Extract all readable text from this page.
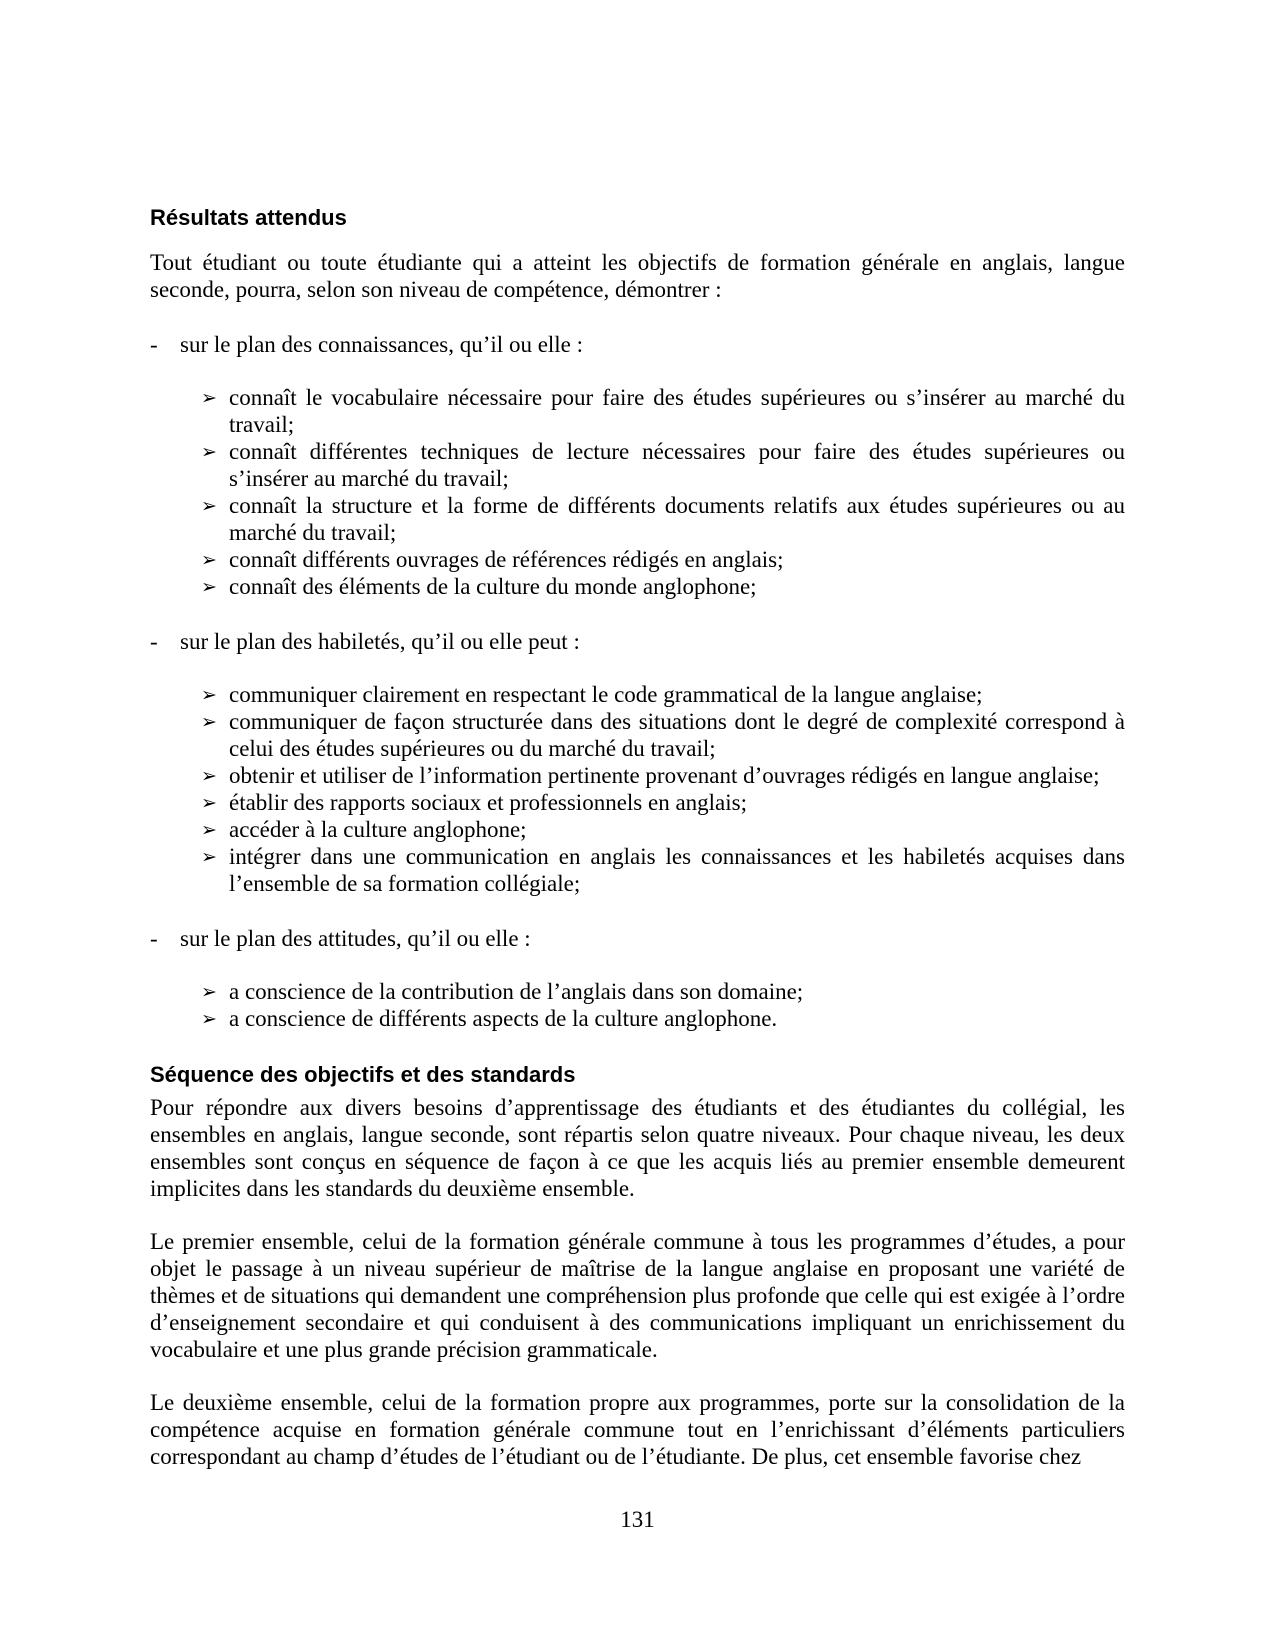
Résultats attendus

Tout étudiant ou toute étudiante qui a atteint les objectifs de formation générale en anglais, langue seconde, pourra, selon son niveau de compétence, démontrer :

- sur le plan des connaissances, qu’il ou elle :
➢ connaît le vocabulaire nécessaire pour faire des études supérieures ou s’insérer au marché du travail;
➢ connaît différentes techniques de lecture nécessaires pour faire des études supérieures ou s’insérer au marché du travail;
➢ connaît la structure et la forme de différents documents relatifs aux études supérieures ou au marché du travail;
➢ connaît différents ouvrages de références rédigés en anglais;
➢ connaît des éléments de la culture du monde anglophone;
- sur le plan des habiletés, qu’il ou elle peut :
➢ communiquer clairement en respectant le code grammatical de la langue anglaise;
➢ communiquer de façon structurée dans des situations dont le degré de complexité correspond à celui des études supérieures ou du marché du travail;
➢ obtenir et utiliser de l’information pertinente provenant d’ouvrages rédigés en langue anglaise;
➢ établir des rapports sociaux et professionnels en anglais;
➢ accéder à la culture anglophone;
➢ intégrer dans une communication en anglais les connaissances et les habiletés acquises dans l’ensemble de sa formation collégiale;
- sur le plan des attitudes, qu’il ou elle :
➢ a conscience de la contribution de l’anglais dans son domaine;
➢ a conscience de différents aspects de la culture anglophone.
Séquence des objectifs et des standards

Pour répondre aux divers besoins d’apprentissage des étudiants et des étudiantes du collégial, les ensembles en anglais, langue seconde, sont répartis selon quatre niveaux. Pour chaque niveau, les deux ensembles sont conçus en séquence de façon à ce que les acquis liés au premier ensemble demeurent implicites dans les standards du deuxième ensemble.

Le premier ensemble, celui de la formation générale commune à tous les programmes d’études, a pour objet le passage à un niveau supérieur de maîtrise de la langue anglaise en proposant une variété de thèmes et de situations qui demandent une compréhension plus profonde que celle qui est exigée à l’ordre d’enseignement secondaire et qui conduisent à des communications impliquant un enrichissement du vocabulaire et une plus grande précision grammaticale.

Le deuxième ensemble, celui de la formation propre aux programmes, porte sur la consolidation de la compétence acquise en formation générale commune tout en l’enrichissant d’éléments particuliers correspondant au champ d’études de l’étudiant ou de l’étudiante. De plus, cet ensemble favorise chez

131
